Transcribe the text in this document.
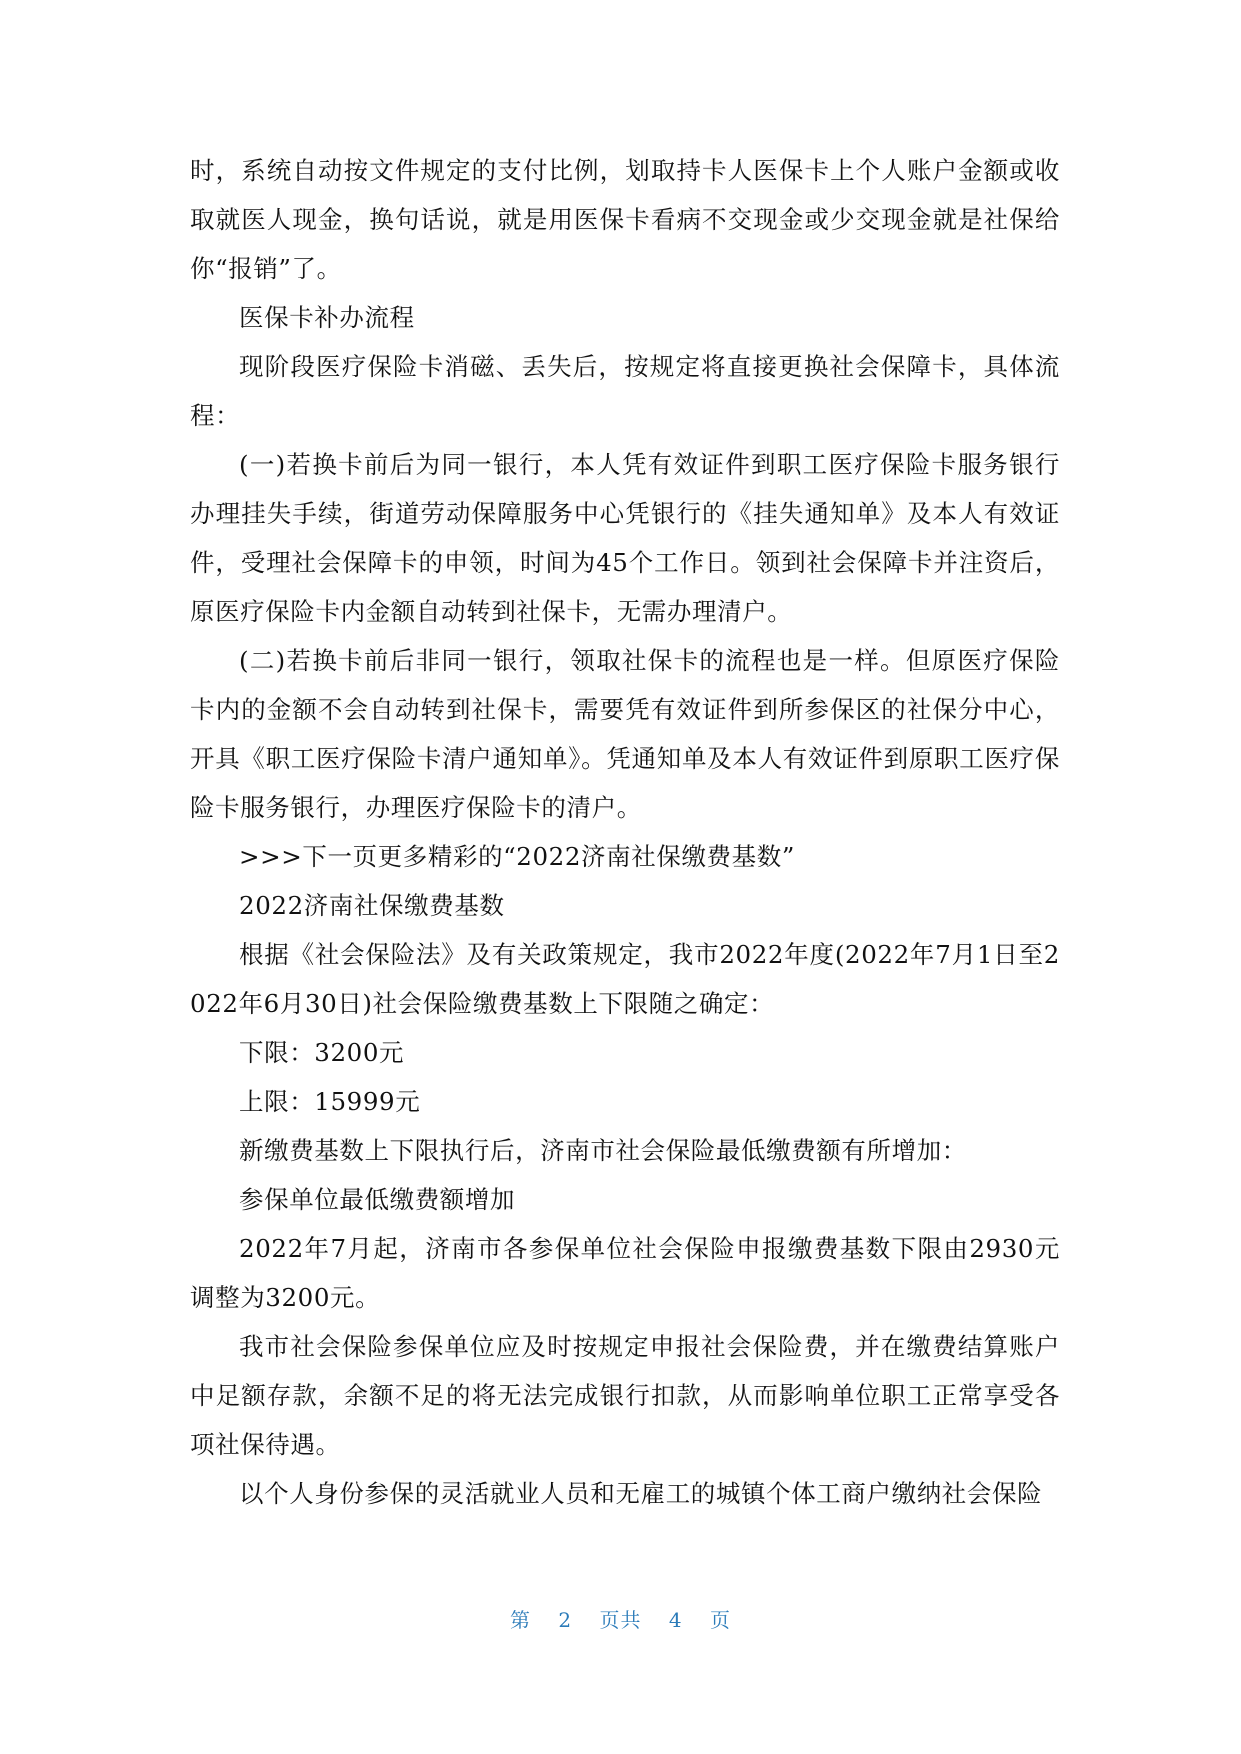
时，系统自动按文件规定的支付比例，划取持卡人医保卡上个人账户金额或收取就医人现金，换句话说，就是用医保卡看病不交现金或少交现金就是社保给你“报销”了。

医保卡补办流程

现阶段医疗保险卡消磁、丢失后，按规定将直接更换社会保障卡，具体流程：

(一)若换卡前后为同一银行，本人凭有效证件到职工医疗保险卡服务银行办理挂失手续，街道劳动保障服务中心凭银行的《挂失通知单》及本人有效证件，受理社会保障卡的申领，时间为45个工作日。领到社会保障卡并注资后，原医疗保险卡内金额自动转到社保卡，无需办理清户。

(二)若换卡前后非同一银行，领取社保卡的流程也是一样。但原医疗保险卡内的金额不会自动转到社保卡，需要凭有效证件到所参保区的社保分中心，开具《职工医疗保险卡清户通知单》。凭通知单及本人有效证件到原职工医疗保险卡服务银行，办理医疗保险卡的清户。

>>>下一页更多精彩的“2022济南社保缴费基数”

2022济南社保缴费基数

根据《社会保险法》及有关政策规定，我市2022年度(2022年7月1日至2022年6月30日)社会保险缴费基数上下限随之确定：

下限：3200元

上限：15999元

新缴费基数上下限执行后，济南市社会保险最低缴费额有所增加：

参保单位最低缴费额增加

2022年7月起，济南市各参保单位社会保险申报缴费基数下限由2930元调整为3200元。

我市社会保险参保单位应及时按规定申报社会保险费，并在缴费结算账户中足额存款，余额不足的将无法完成银行扣款，从而影响单位职工正常享受各项社保待遇。

以个人身份参保的灵活就业人员和无雇工的城镇个体工商户缴纳社会保险

第 2 页共 4 页
